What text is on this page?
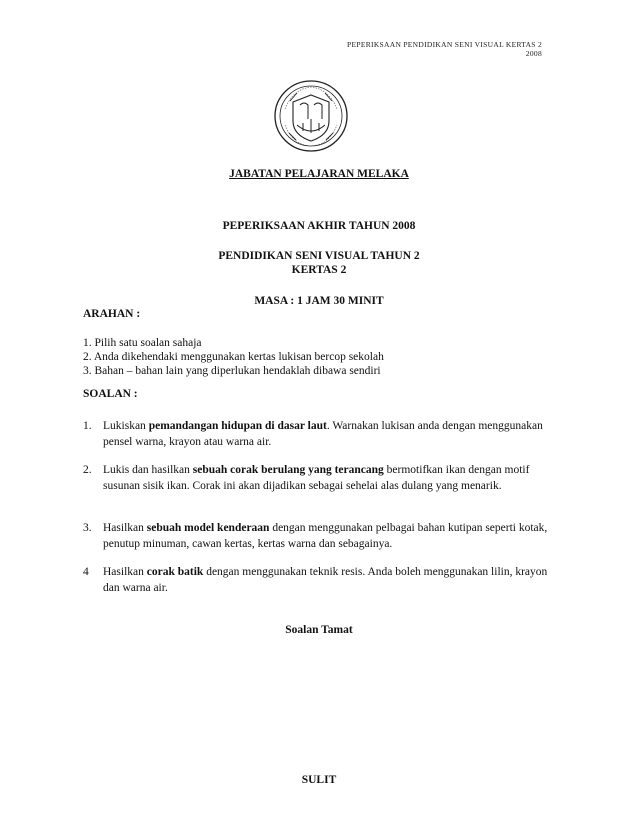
PEPERIKSAAN PENDIDIKAN SENI VISUAL KERTAS 2
2008
JABATAN PELAJARAN MELAKA
PEPERIKSAAN AKHIR TAHUN 2008
PENDIDIKAN SENI VISUAL TAHUN 2
KERTAS 2
MASA : 1 JAM 30 MINIT
ARAHAN :
1. Pilih satu soalan sahaja
2. Anda dikehendaki menggunakan kertas lukisan bercop sekolah
3. Bahan – bahan lain yang diperlukan hendaklah dibawa sendiri
SOALAN :
1. Lukiskan pemandangan hidupan di dasar laut. Warnakan lukisan anda dengan menggunakan pensel warna, krayon atau warna air.
2. Lukis dan hasilkan sebuah corak berulang yang terancang bermotifkan ikan dengan motif susunan sisik ikan. Corak ini akan dijadikan sebagai sehelai alas dulang yang menarik.
3. Hasilkan sebuah model kenderaan dengan menggunakan pelbagai bahan kutipan seperti kotak, penutup minuman, cawan kertas, kertas warna dan sebagainya.
4 Hasilkan corak batik dengan menggunakan teknik resis. Anda boleh menggunakan lilin, krayon dan warna air.
Soalan Tamat
SULIT
